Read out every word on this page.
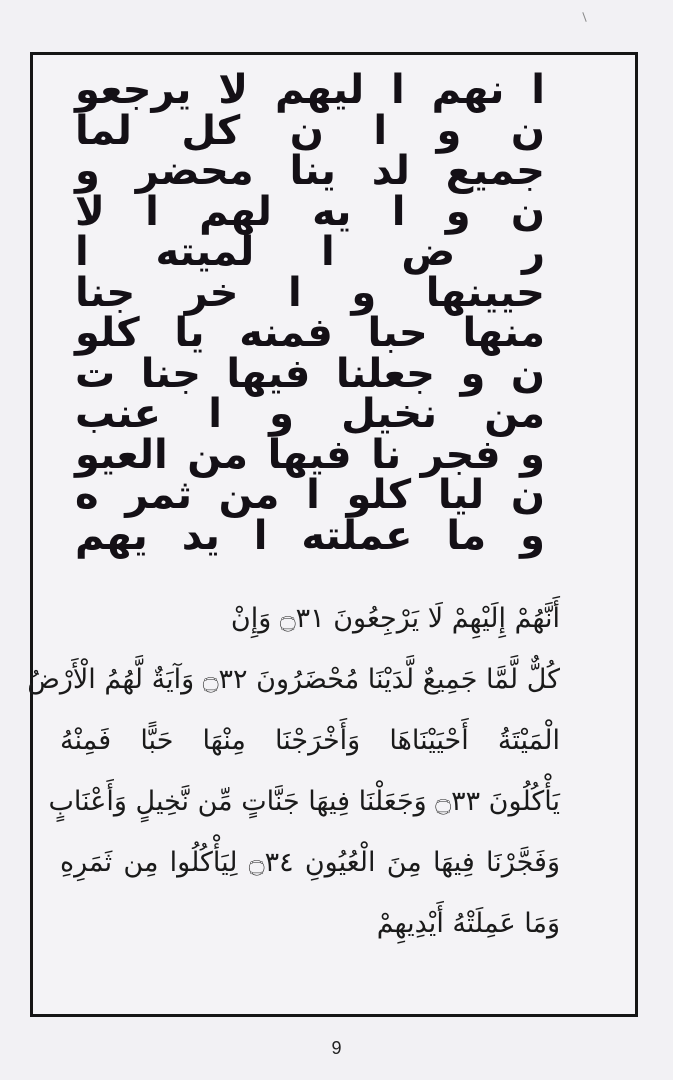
ا نهم ا ليهم لا يرجعو
ن و ا ن كل لما
جميع لد ينا محضر و
ن و ا يه لهم ا لا
ر ض ا لميته ا
حيينها و ا خر جنا
منها حبا فمنه يا كلو
ن و جعلنا فيها جنا ت
من نخيل و ا عنب
و فجر نا فيها من العيو
ن ليا كلو ا من ثمر ه
و ما عملته ا يد يهم
أَنَّهُمْ إِلَيْهِمْ لَا يَرْجِعُونَ ۝٣١ وَإِنْ
كُلٌّ لَّمَّا جَمِيعٌ لَّدَيْنَا مُحْضَرُونَ ۝٣٢ وَآيَةٌ لَّهُمُ الْأَرْضُ
الْمَيْتَةُ أَحْيَيْنَاهَا وَأَخْرَجْنَا مِنْهَا حَبًّا فَمِنْهُ
يَأْكُلُونَ ۝٣٣ وَجَعَلْنَا فِيهَا جَنَّاتٍ مِّن نَّخِيلٍ وَأَعْنَابٍ
وَفَجَّرْنَا فِيهَا مِنَ الْعُيُونِ ۝٣٤ لِيَأْكُلُوا مِن ثَمَرِهِ
وَمَا عَمِلَتْهُ أَيْدِيهِمْ
9
